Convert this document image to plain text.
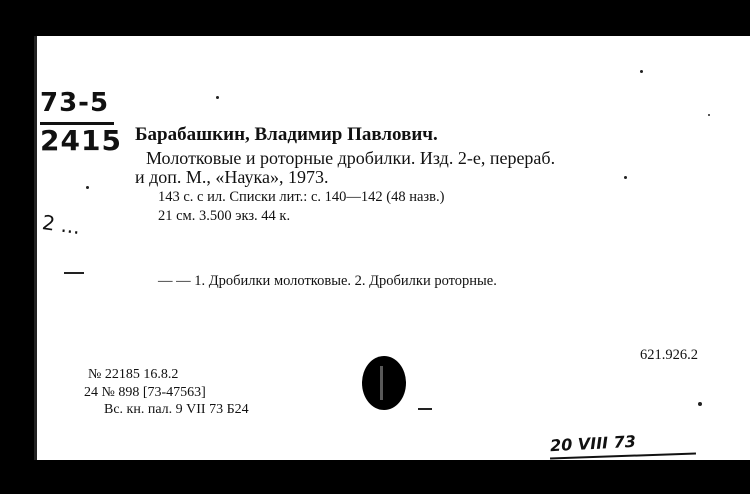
73-5
2415
2 ...
Барабашкин, Владимир Павлович.
Молотковые и роторные дробилки. Изд. 2-е, перераб.
и доп. М., «Наука», 1973.
143 с. с ил. Списки лит.: с. 140—142 (48 назв.)
21 см. 3.500 экз. 44 к.
— — 1. Дробилки молотковые. 2. Дробилки роторные.
621.926.2
№ 22185 16.8.2
24 № 898 [73-47563]
Вс. кн. пал. 9 VII 73 Б24
20 VIII 73
